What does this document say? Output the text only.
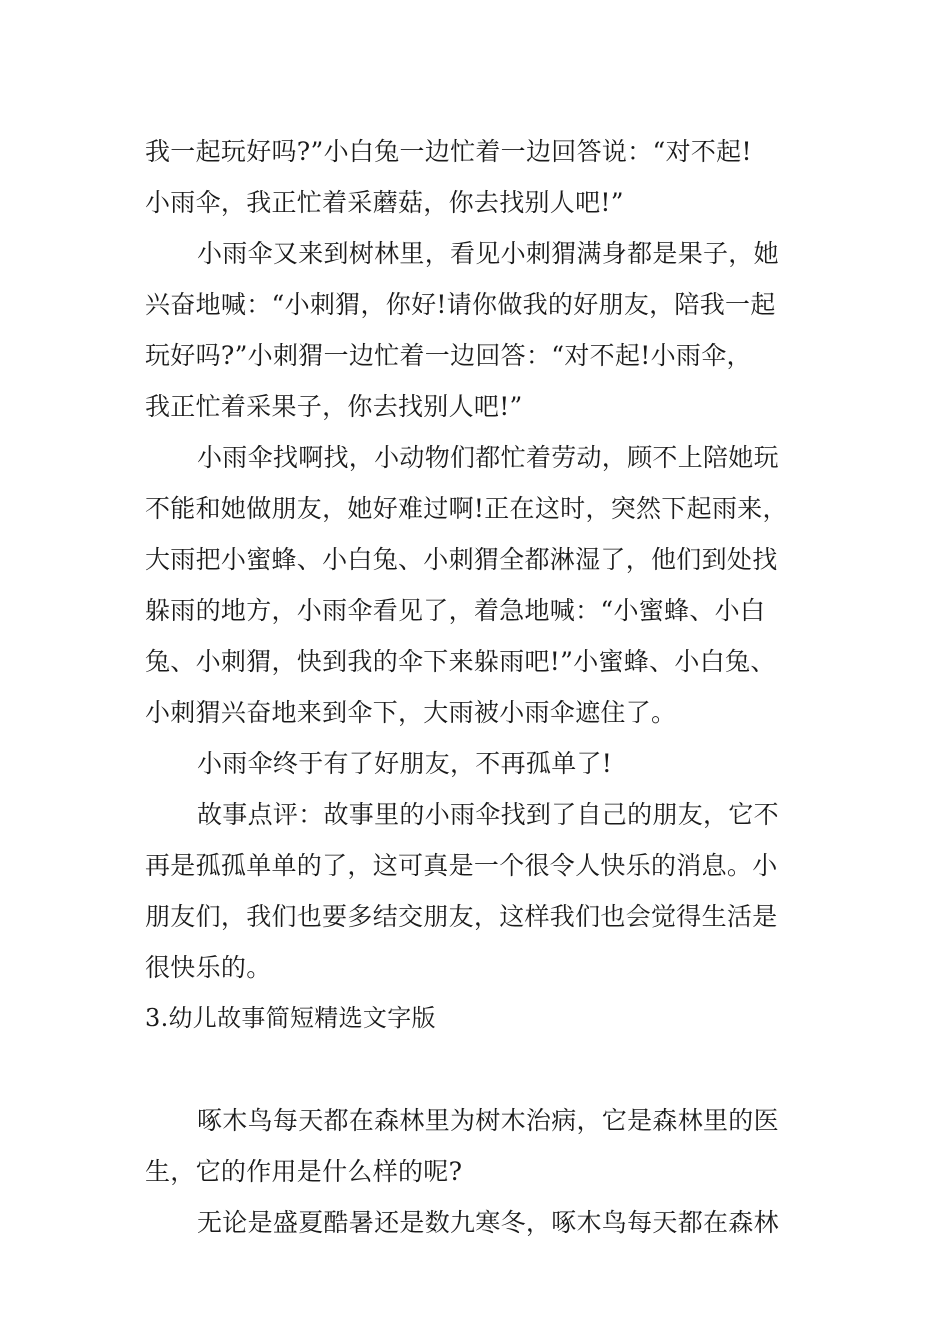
我一起玩好吗?”小白兔一边忙着一边回答说：“对不起!
小雨伞，我正忙着采蘑菇，你去找别人吧!”
小雨伞又来到树林里，看见小刺猬满身都是果子，她
兴奋地喊：“小刺猬，你好!请你做我的好朋友，陪我一起
玩好吗?”小刺猬一边忙着一边回答：“对不起!小雨伞，
我正忙着采果子，你去找别人吧!”
小雨伞找啊找，小动物们都忙着劳动，顾不上陪她玩
不能和她做朋友，她好难过啊!正在这时，突然下起雨来，
大雨把小蜜蜂、小白兔、小刺猬全都淋湿了，他们到处找
躲雨的地方，小雨伞看见了，着急地喊：“小蜜蜂、小白
兔、小刺猬，快到我的伞下来躲雨吧!”小蜜蜂、小白兔、
小刺猬兴奋地来到伞下，大雨被小雨伞遮住了。
小雨伞终于有了好朋友，不再孤单了!
故事点评：故事里的小雨伞找到了自己的朋友，它不
再是孤孤单单的了，这可真是一个很令人快乐的消息。小
朋友们，我们也要多结交朋友，这样我们也会觉得生活是
很快乐的。
3.幼儿故事简短精选文字版
啄木鸟每天都在森林里为树木治病，它是森林里的医
生，它的作用是什么样的呢?
无论是盛夏酷暑还是数九寒冬，啄木鸟每天都在森林
